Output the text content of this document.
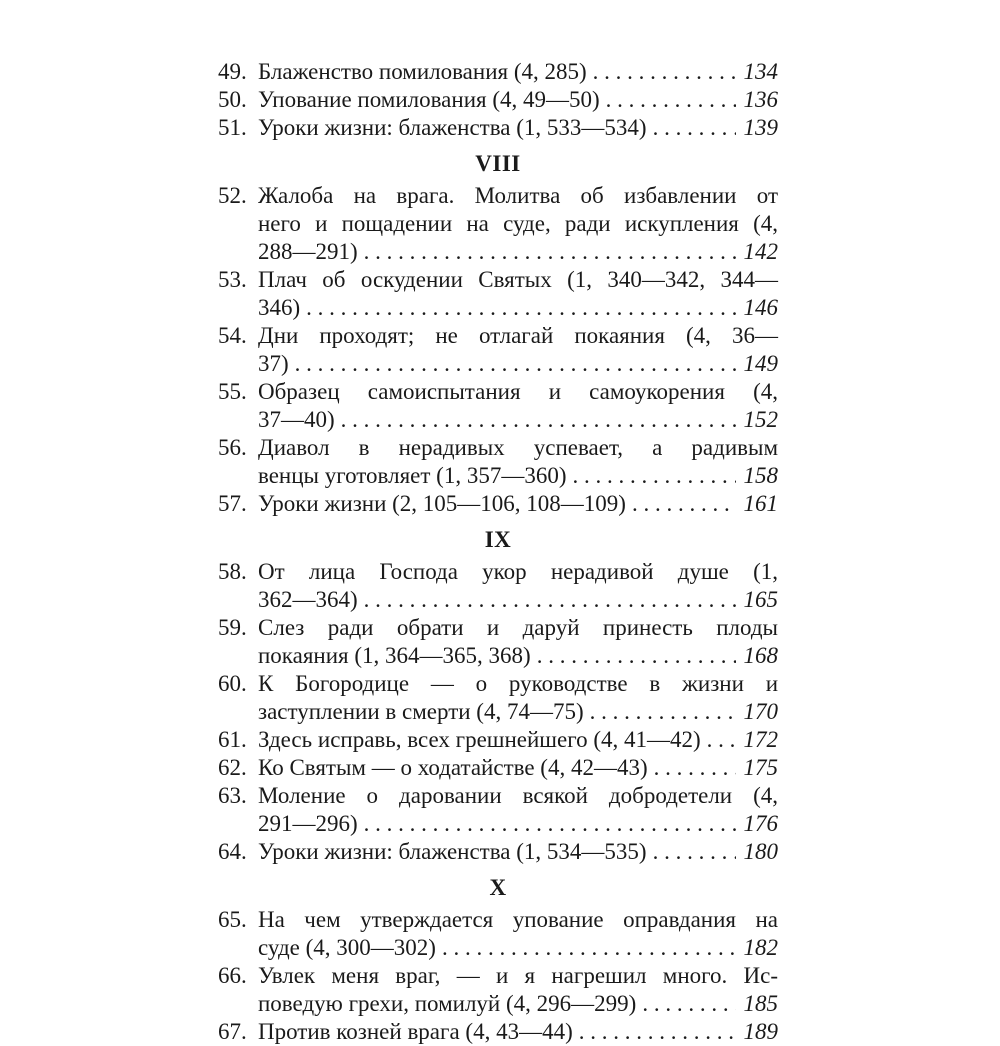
49. Блаженство помилования (4, 285) . . .	134
50. Упование помилования (4, 49—50) . . .	136
51. Уроки жизни: блаженства (1, 533—534) . . .	139
VIII
52. Жалоба на врага. Молитва об избавлении от
него и пощадении на суде, ради искупления (4,
288—291) . . .	142
53. Плач об оскудении Святых (1, 340—342, 344—
346) . . .	146
54. Дни проходят; не отлагай покаяния (4, 36—
37) . . .	149
55. Образец самоиспытания и самоукорения (4,
37—40) . . .	152
56. Диавол в нерадивых успевает, а радивым
венцы уготовляет (1, 357—360) . . .	158
57. Уроки жизни (2, 105—106, 108—109) . . .	161
IX
58. От лица Господа укор нерадивой душе (1,
362—364) . . .	165
59. Слез ради обрати и даруй принесть плоды
покаяния (1, 364—365, 368) . . .	168
60. К Богородице — о руководстве в жизни и
заступлении в смерти (4, 74—75) . . .	170
61. Здесь исправь, всех грешнейшего (4, 41—42) . . .	172
62. Ко Святым — о ходатайстве (4, 42—43) . . .	175
63. Моление о даровании всякой добродетели (4,
291—296) . . .	176
64. Уроки жизни: блаженства (1, 534—535) . . .	180
X
65. На чем утверждается упование оправдания на
суде (4, 300—302) . . .	182
66. Увлек меня враг, — и я нагрешил много. Ис-
поведую грехи, помилуй (4, 296—299) . . .	185
67. Против козней врага (4, 43—44) . . .	189
